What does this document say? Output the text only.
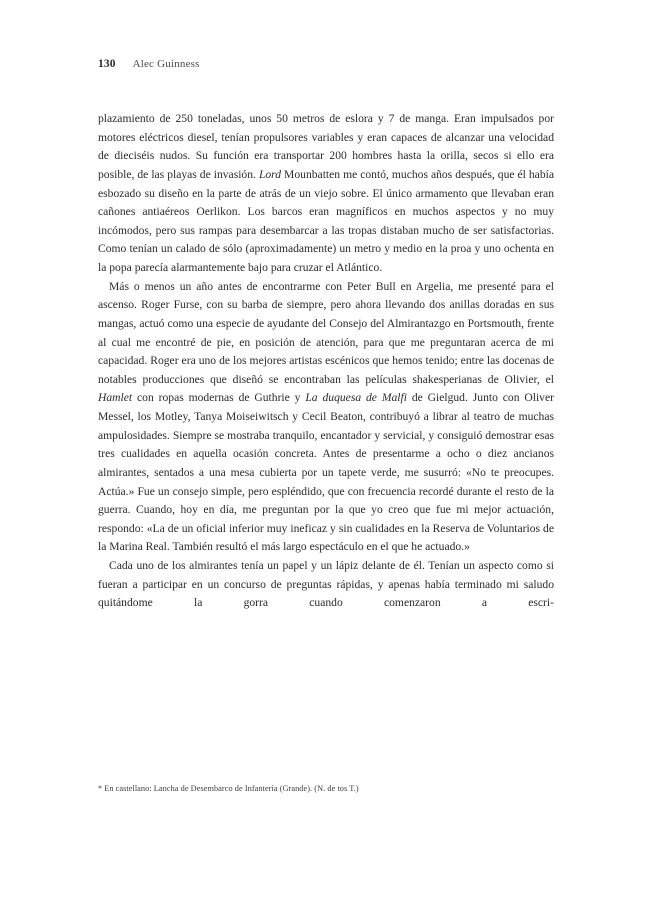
130 Alec Guinness

plazamiento de 250 toneladas, unos 50 metros de eslora y 7 de manga. Eran impulsados por motores eléctricos diesel, tenían propulsores variables y eran capaces de alcanzar una velocidad de dieciséis nudos. Su función era transportar 200 hombres hasta la orilla, secos si ello era posible, de las playas de invasión. Lord Mounbatten me contó, muchos años después, que él había esbozado su diseño en la parte de atrás de un viejo sobre. El único armamento que llevaban eran cañones antiaéreos Oerlikon. Los barcos eran magníficos en muchos aspectos y no muy incómodos, pero sus rampas para desembarcar a las tropas distaban mucho de ser satisfactorias. Como tenían un calado de sólo (aproximadamente) un metro y medio en la proa y uno ochenta en la popa parecía alarmantemente bajo para cruzar el Atlántico.

Más o menos un año antes de encontrarme con Peter Bull en Argelia, me presenté para el ascenso. Roger Furse, con su barba de siempre, pero ahora llevando dos anillas doradas en sus mangas, actuó como una especie de ayudante del Consejo del Almirantazgo en Portsmouth, frente al cual me encontré de pie, en posición de atención, para que me preguntaran acerca de mi capacidad. Roger era uno de los mejores artistas escénicos que hemos tenido; entre las docenas de notables producciones que diseñó se encontraban las películas shakesperianas de Olivier, el Hamlet con ropas modernas de Guthrie y La duquesa de Malfi de Gielgud. Junto con Oliver Messel, los Motley, Tanya Moiseiwitsch y Cecil Beaton, contribuyó a librar al teatro de muchas ampulosidades. Siempre se mostraba tranquilo, encantador y servicial, y consiguió demostrar esas tres cualidades en aquella ocasión concreta. Antes de presentarme a ocho o diez ancianos almirantes, sentados a una mesa cubierta por un tapete verde, me susurró: «No te preocupes. Actúa.» Fue un consejo simple, pero espléndido, que con frecuencia recordé durante el resto de la guerra. Cuando, hoy en día, me preguntan por la que yo creo que fue mi mejor actuación, respondo: «La de un oficial inferior muy ineficaz y sin cualidades en la Reserva de Voluntarios de la Marina Real. También resultó el más largo espectáculo en el que he actuado.»

Cada uno de los almirantes tenía un papel y un lápiz delante de él. Tenían un aspecto como si fueran a participar en un concurso de preguntas rápidas, y apenas había terminado mi saludo quitándome la gorra cuando comenzaron a escri-

* En castellano: Lancha de Desembarco de Infantería (Grande). (N. de tos T.)
